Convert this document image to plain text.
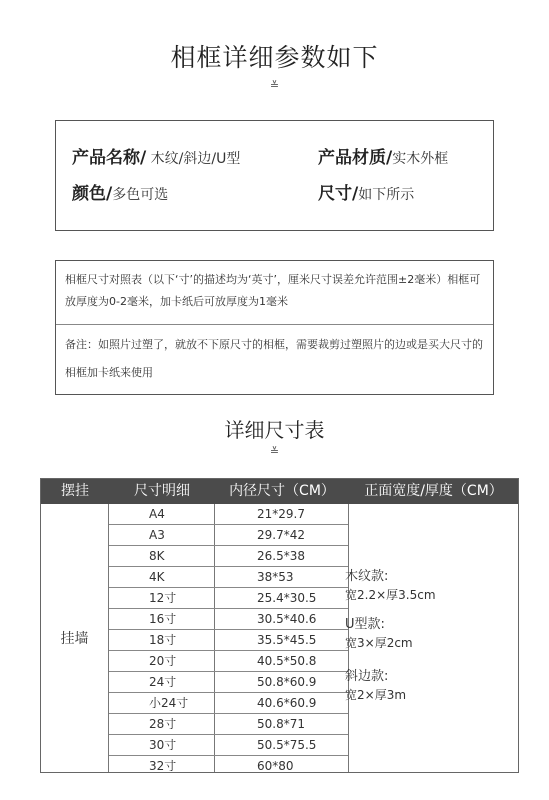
相框详细参数如下
≚
产品名称/ 木纹/斜边/U型	产品材质/实木外框
颜色/多色可选	尺寸/如下所示
相框尺寸对照表（以下‘寸’的描述均为‘英寸’，厘米尺寸误差允许范围±2毫米）相框可放厚度为0-2毫米，加卡纸后可放厚度为1毫米
备注：如照片过塑了，就放不下原尺寸的相框，需要裁剪过塑照片的边或是买大尺寸的相框加卡纸来使用
详细尺寸表
≚
摆挂	尺寸明细	内径尺寸（CM）	正面宽度/厚度（CM）
挂墙
A4	21*29.7
A3	29.7*42
8K	26.5*38
4K	38*53
12寸	25.4*30.5
16寸	30.5*40.6
18寸	35.5*45.5
20寸	40.5*50.8
24寸	50.8*60.9
小24寸	40.6*60.9
28寸	50.8*71
30寸	50.5*75.5
32寸	60*80
木纹款:
宽2.2×厚3.5cm
U型款:
宽3×厚2cm
斜边款:
宽2×厚3m
